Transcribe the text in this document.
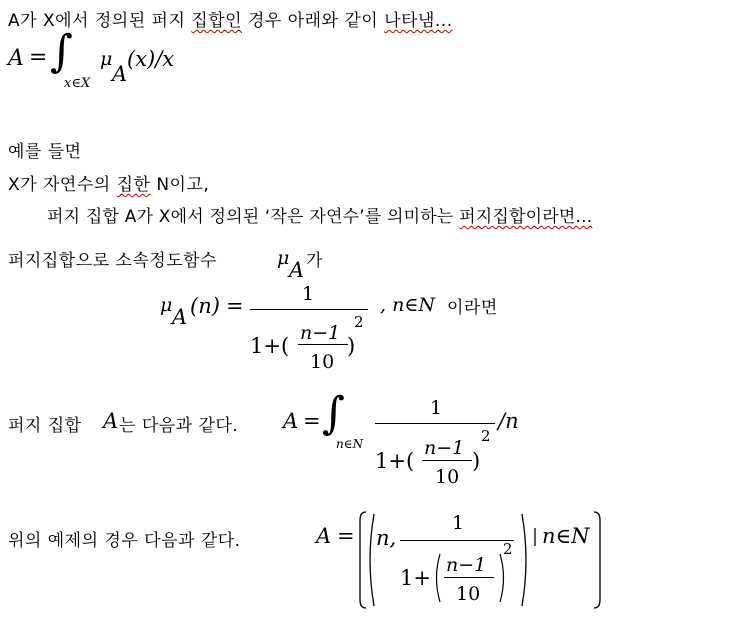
A가 X에서 정의된 퍼지 집합인 경우 아래와 같이 나타냄...
A = ∫
x∈X
μ
A
(x)/x
예를 들면
X가 자연수의 집한 N이고,
퍼지 집합 A가 X에서 정의된 ‘작은 자연수’를 의미하는 퍼지집합이라면...
퍼지집합으로 소속정도함수	μ A 가
μ A (n) =	1
1+(
n−1
10
)
2
, n∈N 이라면
퍼지 집합 A 는 다음과 같다. A = ∫
n∈N
1
1+(
n−1
10
)
2
/n
위의 예제의 경우 다음과 같다.	A = n,
1
1+
n−1
10
2
n∈N
